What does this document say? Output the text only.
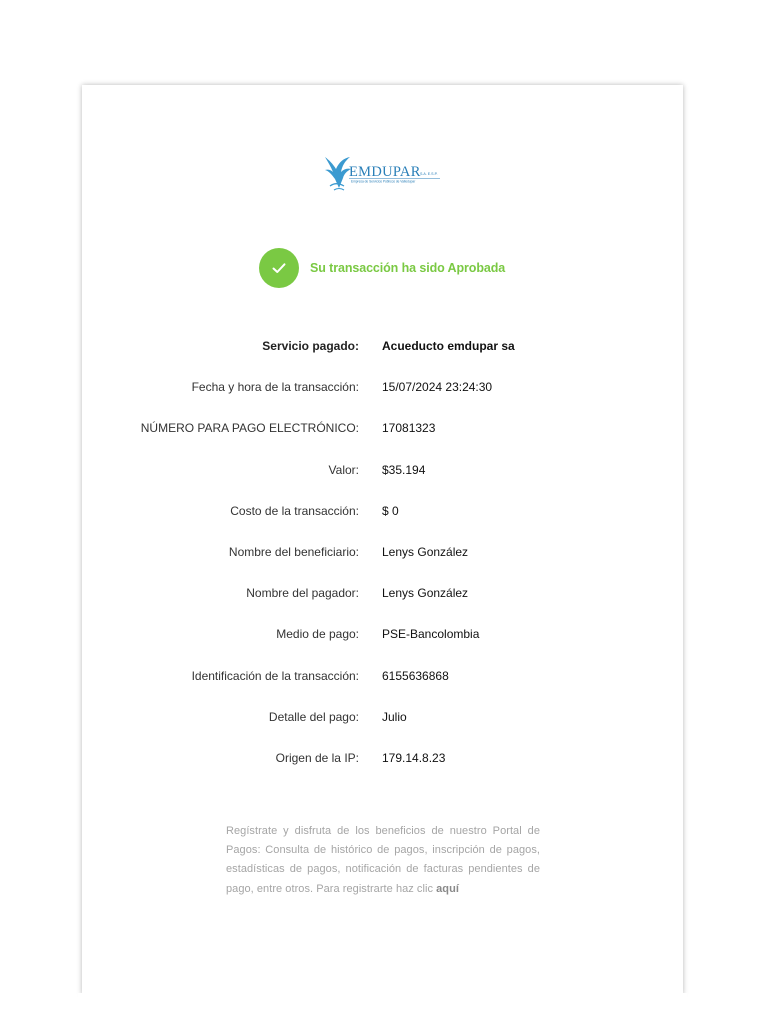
EMDUPAR S.A. E.S.P.
Empresa de Servicios Públicos de Valledupar
Su transacción ha sido Aprobada
Servicio pagado: Acueducto emdupar sa
Fecha y hora de la transacción: 15/07/2024 23:24:30
NÚMERO PARA PAGO ELECTRÓNICO: 17081323
Valor: $35.194
Costo de la transacción: $ 0
Nombre del beneficiario: Lenys González
Nombre del pagador: Lenys González
Medio de pago: PSE-Bancolombia
Identificación de la transacción: 6155636868
Detalle del pago: Julio
Origen de la IP: 179.14.8.23
Regístrate y disfruta de los beneficios de nuestro Portal de Pagos: Consulta de histórico de pagos, inscripción de pagos, estadísticas de pagos, notificación de facturas pendientes de pago, entre otros. Para registrarte haz clic aquí
